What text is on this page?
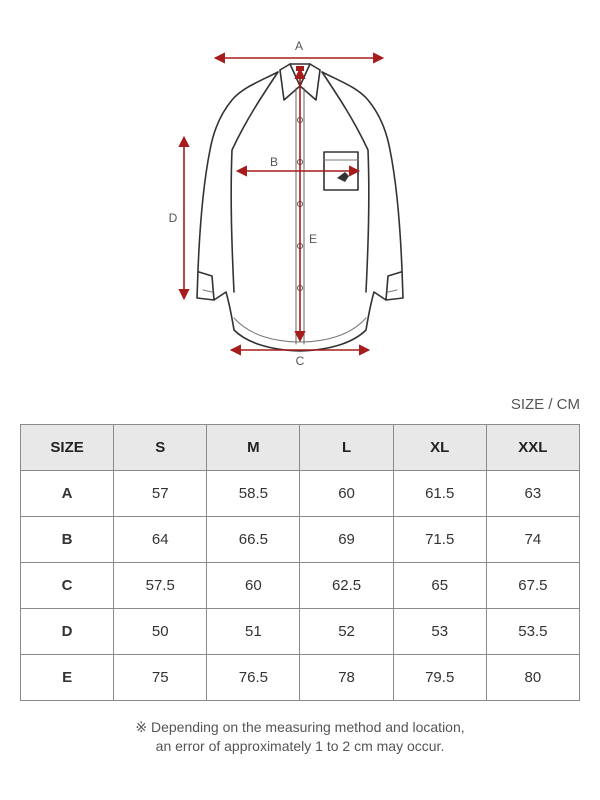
A
B
C
D
E
SIZE / CM
SIZE	S	M	L	XL	XXL
A	57	58.5	60	61.5	63
B	64	66.5	69	71.5	74
C	57.5	60	62.5	65	67.5
D	50	51	52	53	53.5
E	75	76.5	78	79.5	80
※ Depending on the measuring method and location,
an error of approximately 1 to 2 cm may occur.
